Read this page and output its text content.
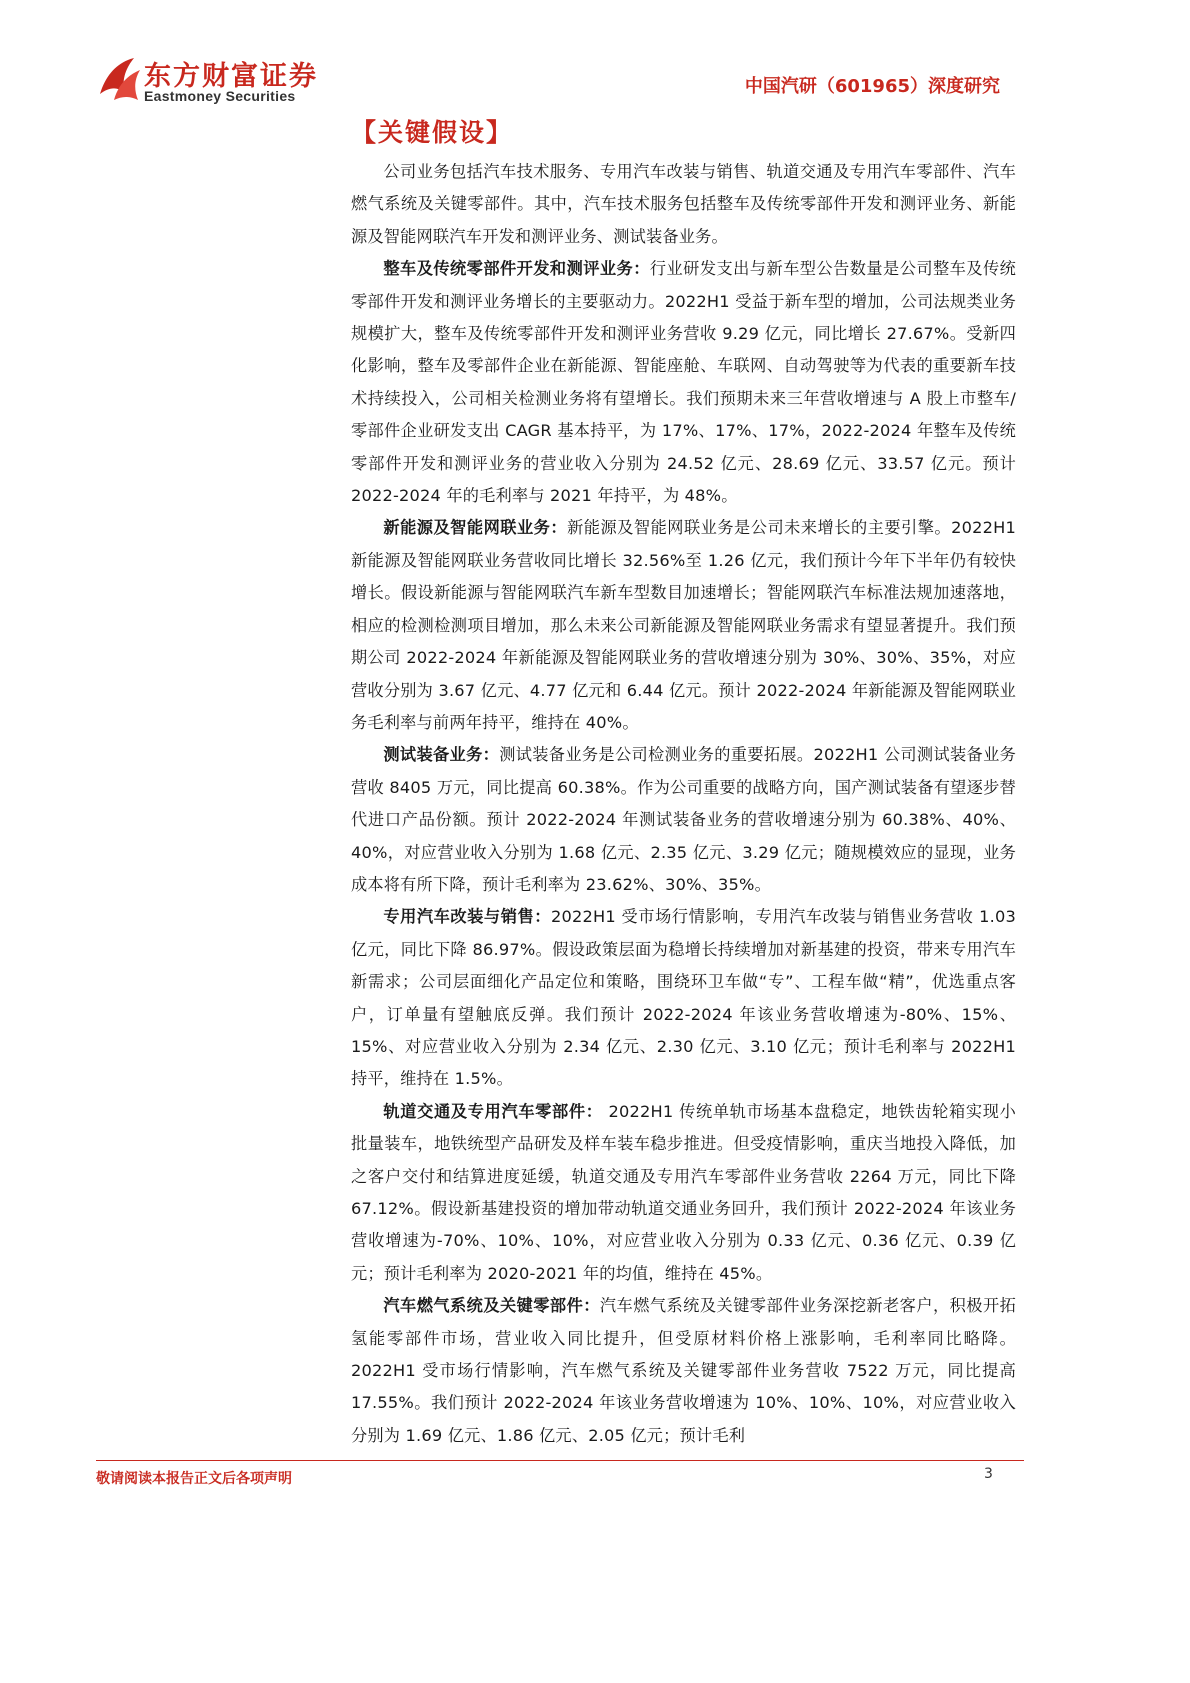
东方财富证券
Eastmoney Securities	中国汽研（601965）深度研究
【关键假设】

公司业务包括汽车技术服务、专用汽车改装与销售、轨道交通及专用汽车零部件、汽车燃气系统及关键零部件。其中，汽车技术服务包括整车及传统零部件开发和测评业务、新能源及智能网联汽车开发和测评业务、测试装备业务。

整车及传统零部件开发和测评业务：行业研发支出与新车型公告数量是公司整车及传统零部件开发和测评业务增长的主要驱动力。2022H1 受益于新车型的增加，公司法规类业务规模扩大，整车及传统零部件开发和测评业务营收 9.29 亿元，同比增长 27.67%。受新四化影响，整车及零部件企业在新能源、智能座舱、车联网、自动驾驶等为代表的重要新车技术持续投入，公司相关检测业务将有望增长。我们预期未来三年营收增速与 A 股上市整车/零部件企业研发支出 CAGR 基本持平，为 17%、17%、17%，2022-2024 年整车及传统零部件开发和测评业务的营业收入分别为 24.52 亿元、28.69 亿元、33.57 亿元。预计 2022-2024 年的毛利率与 2021 年持平，为 48%。

新能源及智能网联业务：新能源及智能网联业务是公司未来增长的主要引擎。2022H1 新能源及智能网联业务营收同比增长 32.56%至 1.26 亿元，我们预计今年下半年仍有较快增长。假设新能源与智能网联汽车新车型数目加速增长；智能网联汽车标准法规加速落地，相应的检测检测项目增加，那么未来公司新能源及智能网联业务需求有望显著提升。我们预期公司 2022-2024 年新能源及智能网联业务的营收增速分别为 30%、30%、35%，对应营收分别为 3.67 亿元、4.77 亿元和 6.44 亿元。预计 2022-2024 年新能源及智能网联业务毛利率与前两年持平，维持在 40%。

测试装备业务：测试装备业务是公司检测业务的重要拓展。2022H1 公司测试装备业务营收 8405 万元，同比提高 60.38%。作为公司重要的战略方向，国产测试装备有望逐步替代进口产品份额。预计 2022-2024 年测试装备业务的营收增速分别为 60.38%、40%、40%，对应营业收入分别为 1.68 亿元、2.35 亿元、3.29 亿元；随规模效应的显现，业务成本将有所下降，预计毛利率为 23.62%、30%、35%。

专用汽车改装与销售：2022H1 受市场行情影响，专用汽车改装与销售业务营收 1.03 亿元，同比下降 86.97%。假设政策层面为稳增长持续增加对新基建的投资，带来专用汽车新需求；公司层面细化产品定位和策略，围绕环卫车做“专”、工程车做“精”，优选重点客户，订单量有望触底反弹。我们预计 2022-2024 年该业务营收增速为-80%、15%、15%、对应营业收入分别为 2.34 亿元、2.30 亿元、3.10 亿元；预计毛利率与 2022H1 持平，维持在 1.5%。

轨道交通及专用汽车零部件： 2022H1 传统单轨市场基本盘稳定，地铁齿轮箱实现小批量装车，地铁统型产品研发及样车装车稳步推进。但受疫情影响，重庆当地投入降低，加之客户交付和结算进度延缓，轨道交通及专用汽车零部件业务营收 2264 万元，同比下降 67.12%。假设新基建投资的增加带动轨道交通业务回升，我们预计 2022-2024 年该业务营收增速为-70%、10%、10%，对应营业收入分别为 0.33 亿元、0.36 亿元、0.39 亿元；预计毛利率为 2020-2021 年的均值，维持在 45%。

汽车燃气系统及关键零部件：汽车燃气系统及关键零部件业务深挖新老客户，积极开拓氢能零部件市场，营业收入同比提升，但受原材料价格上涨影响，毛利率同比略降。2022H1 受市场行情影响，汽车燃气系统及关键零部件业务营收 7522 万元，同比提高 17.55%。我们预计 2022-2024 年该业务营收增速为 10%、10%、10%，对应营业收入分别为 1.69 亿元、1.86 亿元、2.05 亿元；预计毛利

敬请阅读本报告正文后各项声明	3
